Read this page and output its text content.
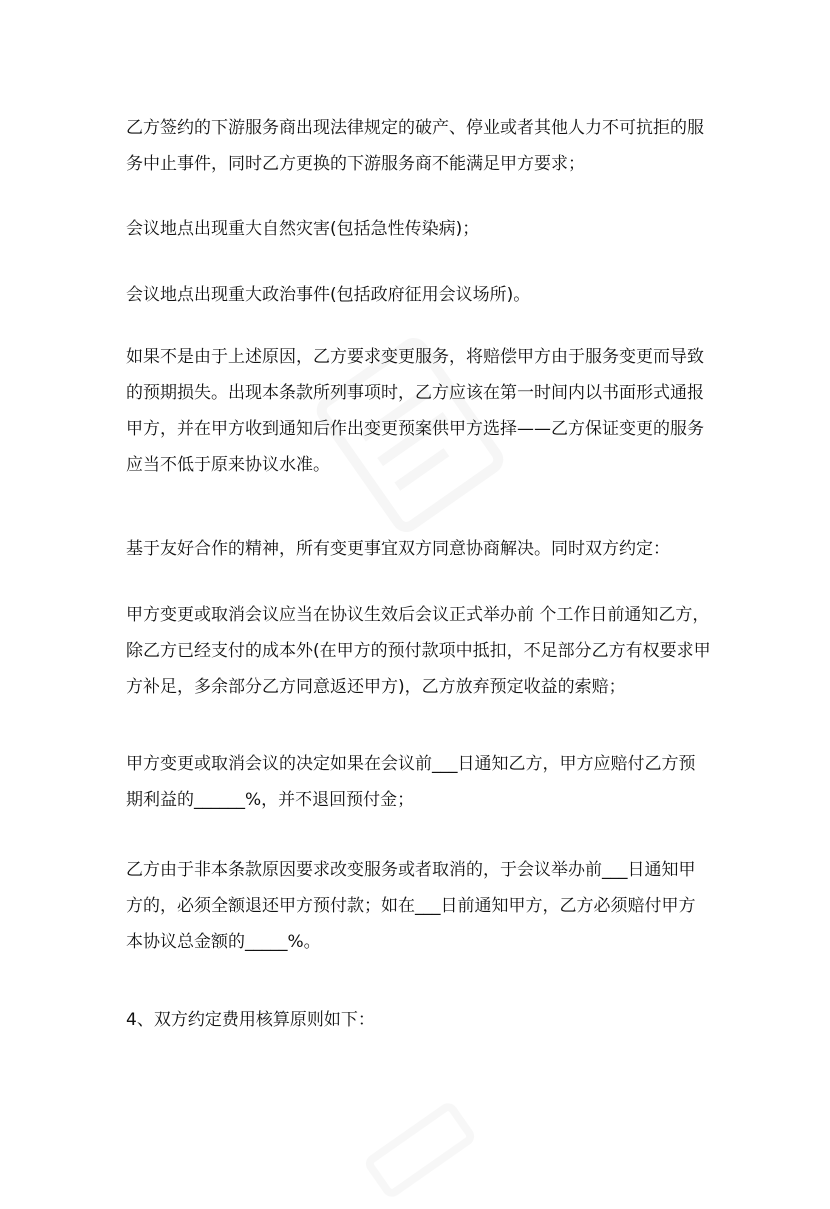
乙方签约的下游服务商出现法律规定的破产、停业或者其他人力不可抗拒的服
务中止事件，同时乙方更换的下游服务商不能满足甲方要求；
会议地点出现重大自然灾害(包括急性传染病)；
会议地点出现重大政治事件(包括政府征用会议场所)。
如果不是由于上述原因，乙方要求变更服务，将赔偿甲方由于服务变更而导致
的预期损失。出现本条款所列事项时，乙方应该在第一时间内以书面形式通报
甲方，并在甲方收到通知后作出变更预案供甲方选择——乙方保证变更的服务
应当不低于原来协议水准。
基于友好合作的精神，所有变更事宜双方同意协商解决。同时双方约定：
甲方变更或取消会议应当在协议生效后会议正式举办前 个工作日前通知乙方，
除乙方已经支付的成本外(在甲方的预付款项中抵扣，不足部分乙方有权要求甲
方补足，多余部分乙方同意返还甲方)，乙方放弃预定收益的索赔；
甲方变更或取消会议的决定如果在会议前___日通知乙方，甲方应赔付乙方预
期利益的______%，并不退回预付金；
乙方由于非本条款原因要求改变服务或者取消的，于会议举办前___日通知甲
方的，必须全额退还甲方预付款；如在___日前通知甲方，乙方必须赔付甲方
本协议总金额的_____%。
4、双方约定费用核算原则如下：
